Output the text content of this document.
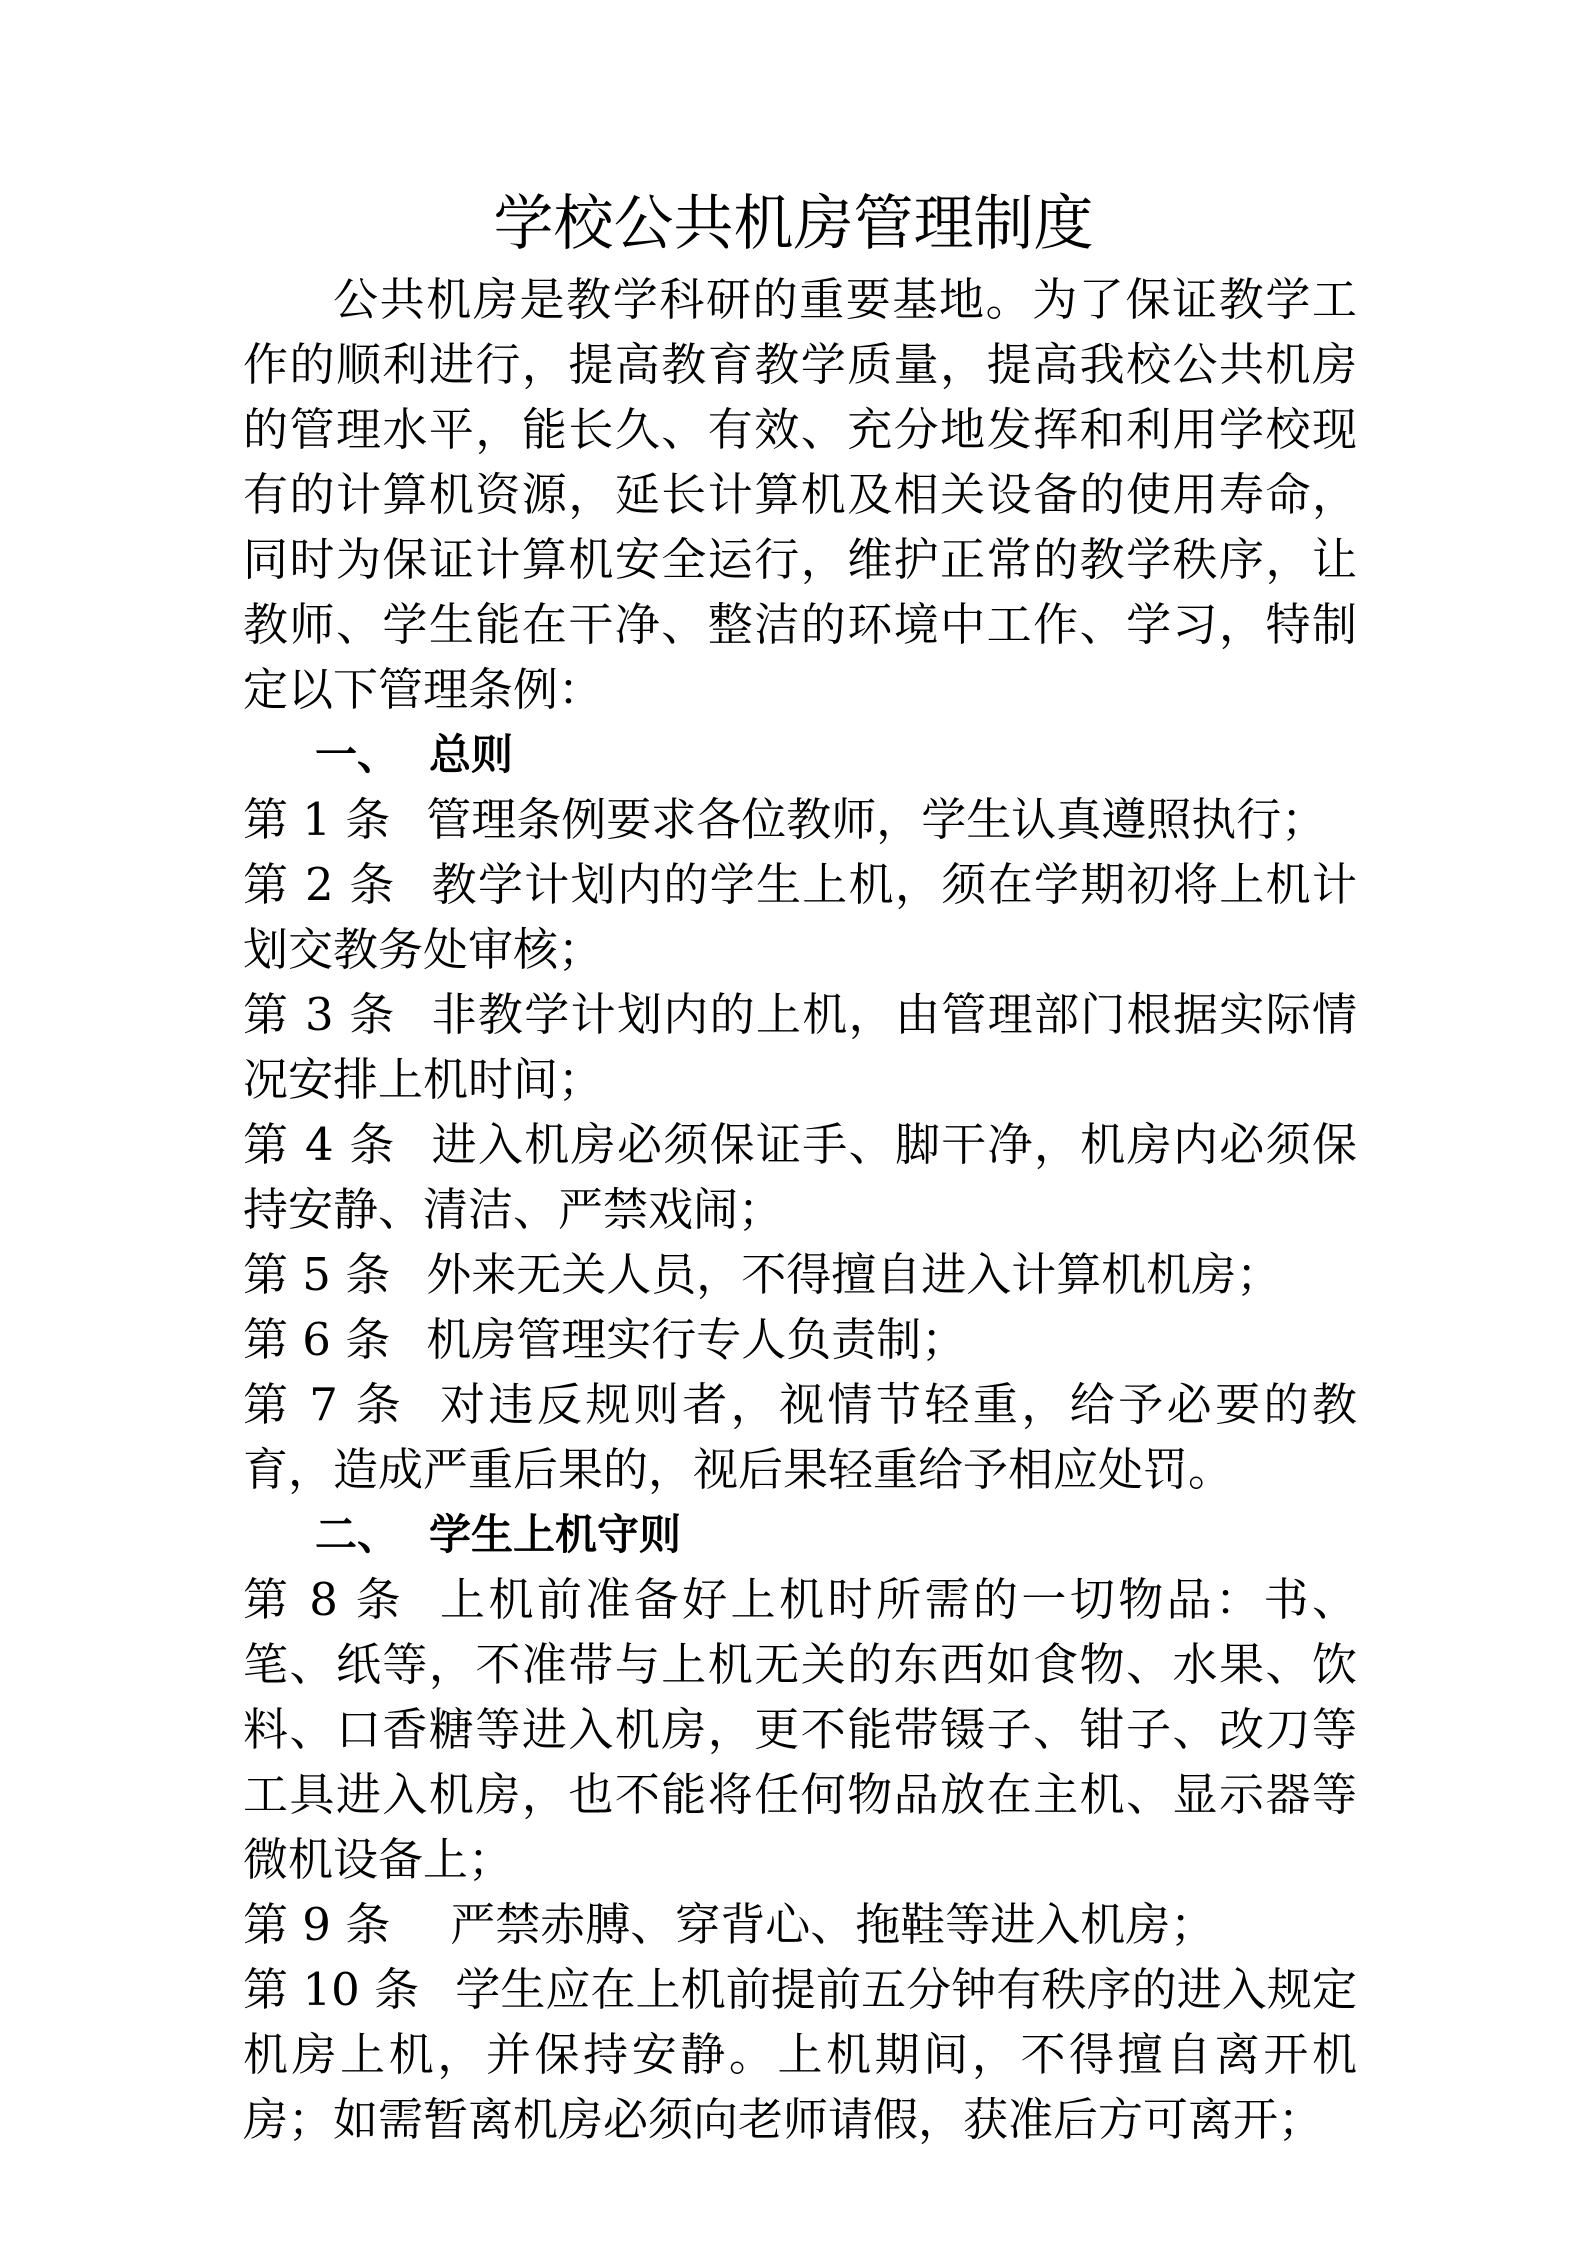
学校公共机房管理制度

公共机房是教学科研的重要基地。为了保证教学工作的顺利进行，提高教育教学质量，提高我校公共机房的管理水平，能长久、有效、充分地发挥和利用学校现有的计算机资源，延长计算机及相关设备的使用寿命，同时为保证计算机安全运行，维护正常的教学秩序，让教师、学生能在干净、整洁的环境中工作、学习，特制定以下管理条例：

一、 总则

第 1 条 管理条例要求各位教师，学生认真遵照执行；

第 2 条 教学计划内的学生上机，须在学期初将上机计划交教务处审核；

第 3 条 非教学计划内的上机，由管理部门根据实际情况安排上机时间；

第 4 条 进入机房必须保证手、脚干净，机房内必须保持安静、清洁、严禁戏闹；

第 5 条 外来无关人员，不得擅自进入计算机机房；

第 6 条 机房管理实行专人负责制；

第 7 条 对违反规则者，视情节轻重，给予必要的教育，造成严重后果的，视后果轻重给予相应处罚。

二、 学生上机守则

第 8 条 上机前准备好上机时所需的一切物品：书、笔、纸等，不准带与上机无关的东西如食物、水果、饮料、口香糖等进入机房，更不能带镊子、钳子、改刀等工具进入机房，也不能将任何物品放在主机、显示器等微机设备上；

第 9 条 严禁赤膊、穿背心、拖鞋等进入机房；

第 10 条 学生应在上机前提前五分钟有秩序的进入规定机房上机，并保持安静。上机期间，不得擅自离开机房；如需暂离机房必须向老师请假，获准后方可离开；
